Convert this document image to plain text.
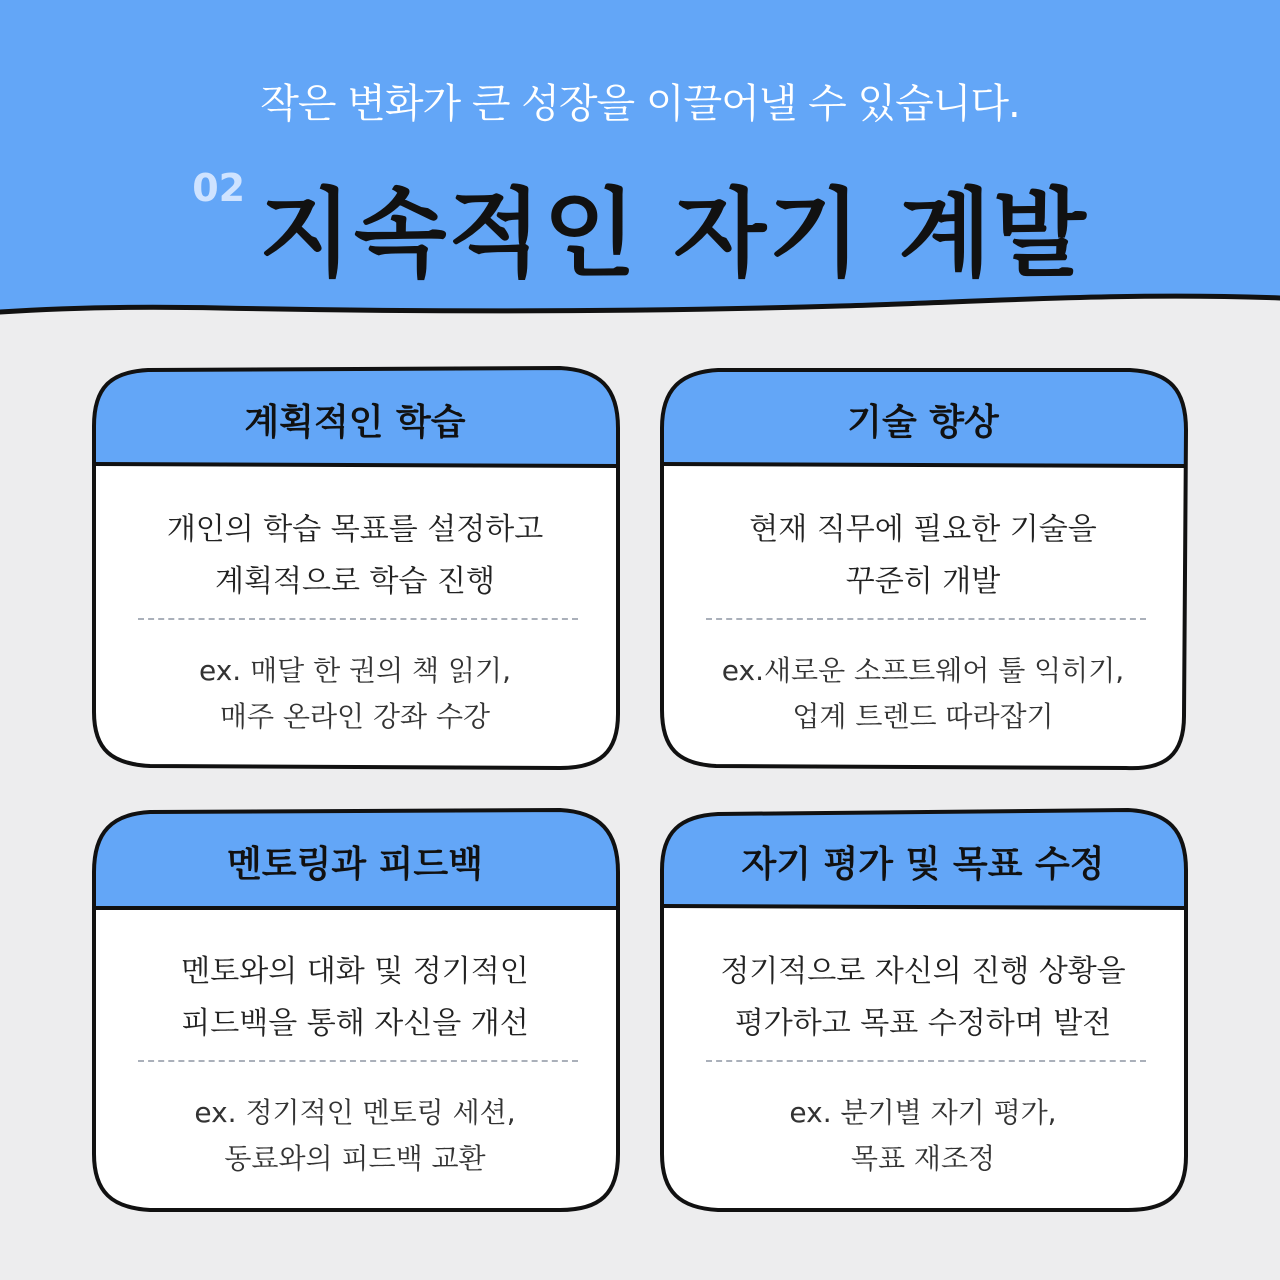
작은 변화가 큰 성장을 이끌어낼 수 있습니다.
02 지속적인 자기 계발
계획적인 학습
개인의 학습 목표를 설정하고
계획적으로 학습 진행
ex. 매달 한 권의 책 읽기,
매주 온라인 강좌 수강
기술 향상
현재 직무에 필요한 기술을
꾸준히 개발
ex.새로운 소프트웨어 툴 익히기,
업계 트렌드 따라잡기
멘토링과 피드백
멘토와의 대화 및 정기적인
피드백을 통해 자신을 개선
ex. 정기적인 멘토링 세션,
동료와의 피드백 교환
자기 평가 및 목표 수정
정기적으로 자신의 진행 상황을
평가하고 목표 수정하며 발전
ex. 분기별 자기 평가,
목표 재조정
